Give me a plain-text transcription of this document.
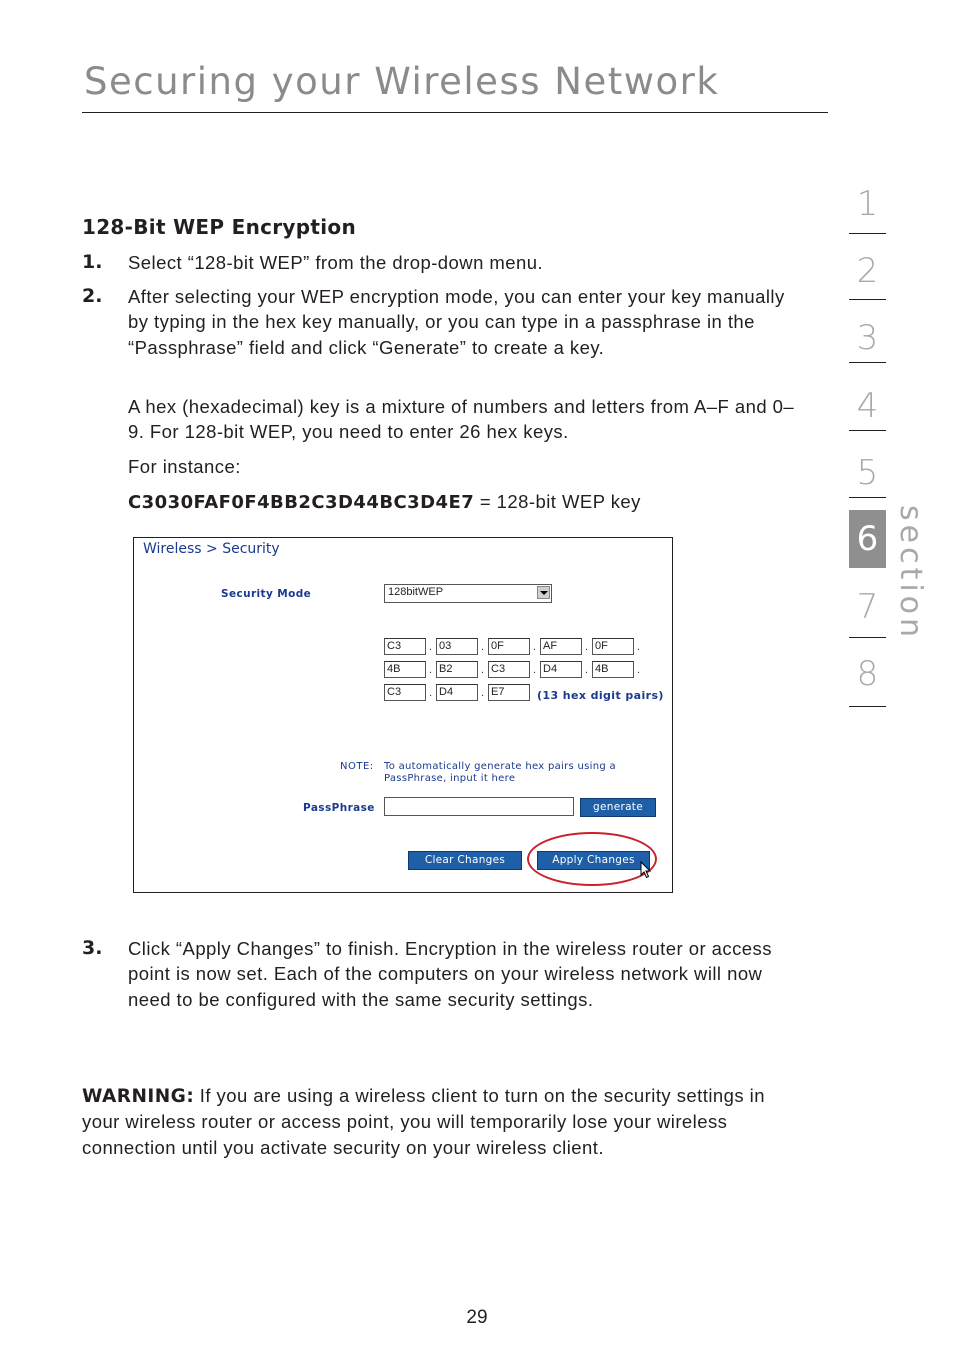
Securing your Wireless Network
1
2
3
4
5
6
7
8
section
128-Bit WEP Encryption
1. Select “128-bit WEP” from the drop-down menu.
2. After selecting your WEP encryption mode, you can enter your key manually by typing in the hex key manually, or you can type in a passphrase in the “Passphrase” field and click “Generate” to create a key.
A hex (hexadecimal) key is a mixture of numbers and letters from A–F and 0–9. For 128-bit WEP, you need to enter 26 hex keys.
For instance:
C3030FAF0F4BB2C3D44BC3D4E7 = 128-bit WEP key
Wireless > Security
Security Mode	128bitWEP
C3	. 03	. 0F	. AF	. 0F	.
4B	. B2	. C3	. D4	. 4B	.
C3	. D4	. E7	(13 hex digit pairs)
NOTE: To automatically generate hex pairs using a
PassPhrase, input it here
PassPhrase	generate
Clear Changes	Apply Changes
3. Click “Apply Changes” to finish. Encryption in the wireless router or access point is now set. Each of the computers on your wireless network will now need to be configured with the same security settings.
WARNING: If you are using a wireless client to turn on the security settings in your wireless router or access point, you will temporarily lose your wireless connection until you activate security on your wireless client.
29
